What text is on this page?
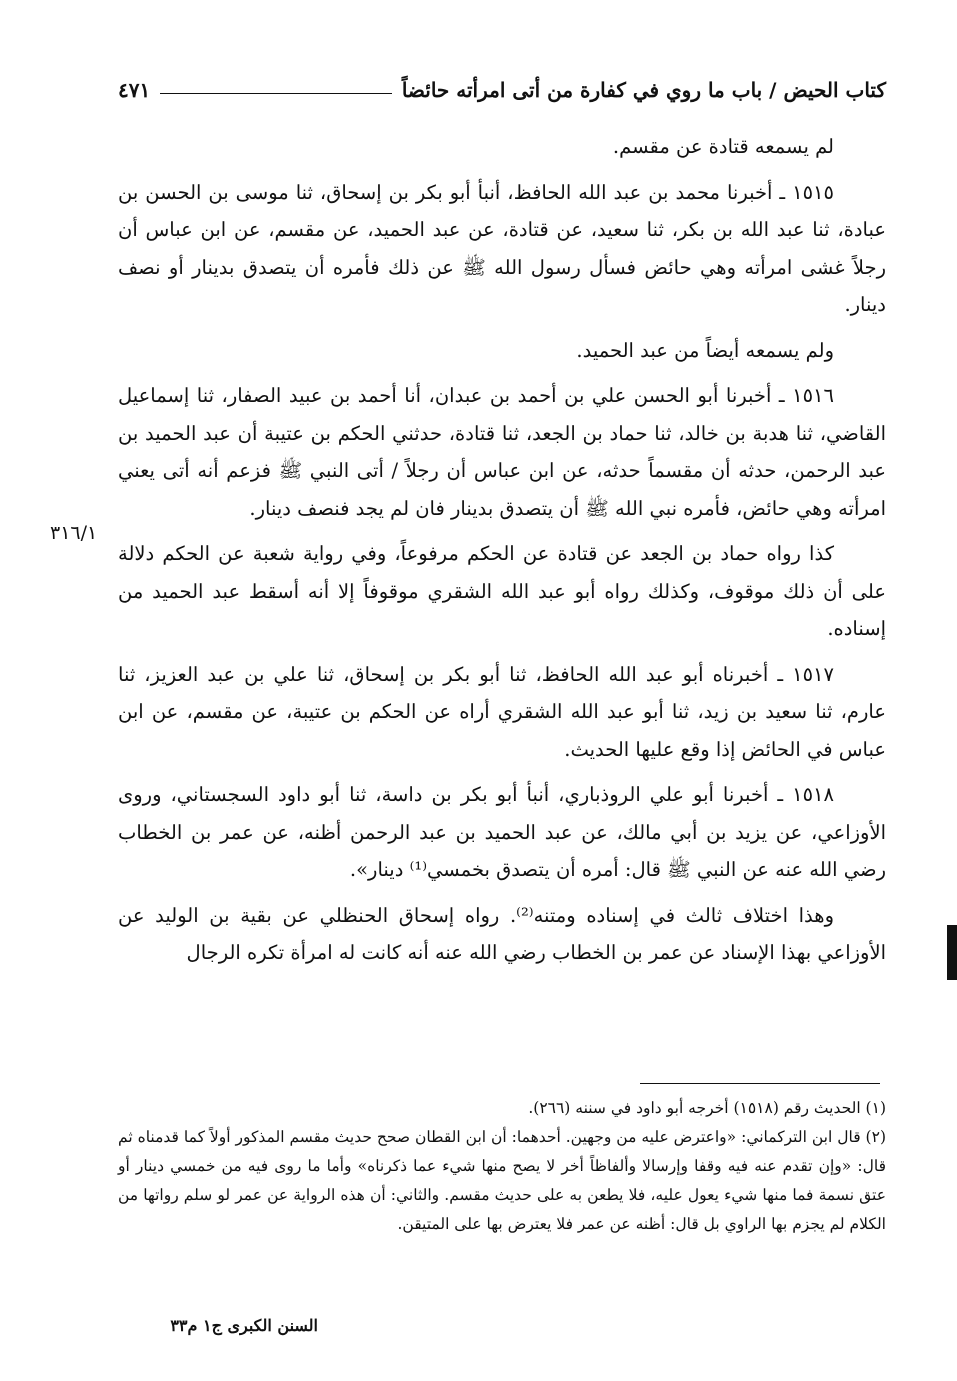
كتاب الحيض / باب ما روي في كفارة من أتى امرأته حائضاً
٤٧١
٣١٦/١

لم يسمعه قتادة عن مقسم.

١٥١٥ ـ أخبرنا محمد بن عبد الله الحافظ، أنبأ أبو بكر بن إسحاق، ثنا موسى بن الحسن بن عبادة، ثنا عبد الله بن بكر، ثنا سعيد، عن قتادة، عن عبد الحميد، عن مقسم، عن ابن عباس أن رجلاً غشى امرأته وهي حائض فسأل رسول الله ﷺ عن ذلك فأمره أن يتصدق بدينار أو نصف دينار.

ولم يسمعه أيضاً من عبد الحميد.

١٥١٦ ـ أخبرنا أبو الحسن علي بن أحمد بن عبدان، أنا أحمد بن عبيد الصفار، ثنا إسماعيل القاضي، ثنا هدبة بن خالد، ثنا حماد بن الجعد، ثنا قتادة، حدثني الحكم بن عتيبة أن عبد الحميد بن عبد الرحمن، حدثه أن مقسماً حدثه، عن ابن عباس أن رجلاً / أتى النبي ﷺ فزعم أنه أتى يعني امرأته وهي حائض، فأمره نبي الله ﷺ أن يتصدق بدينار فان لم يجد فنصف دينار.

كذا رواه حماد بن الجعد عن قتادة عن الحكم مرفوعاً، وفي رواية شعبة عن الحكم دلالة على أن ذلك موقوف، وكذلك رواه أبو عبد الله الشقري موقوفاً إلا أنه أسقط عبد الحميد من إسناده.

١٥١٧ ـ أخبرناه أبو عبد الله الحافظ، ثنا أبو بكر بن إسحاق، ثنا علي بن عبد العزيز، ثنا عارم، ثنا سعيد بن زيد، ثنا أبو عبد الله الشقري أراه عن الحكم بن عتيبة، عن مقسم، عن ابن عباس في الحائض إذا وقع عليها الحديث.

١٥١٨ ـ أخبرنا أبو علي الروذباري، أنبأ أبو بكر بن داسة، ثنا أبو داود السجستاني، وروى الأوزاعي، عن يزيد بن أبي مالك، عن عبد الحميد بن عبد الرحمن أظنه، عن عمر بن الخطاب رضي الله عنه عن النبي ﷺ قال: أمره أن يتصدق بخمسي⁽¹⁾ دينار».

وهذا اختلاف ثالث في إسناده ومتنه⁽²⁾. رواه إسحاق الحنظلي عن بقية بن الوليد عن الأوزاعي بهذا الإسناد عن عمر بن الخطاب رضي الله عنه أنه كانت له امرأة تكره الرجال

(١) الحديث رقم (١٥١٨) أخرجه أبو داود في سننه (٢٦٦).

(٢) قال ابن التركماني: «واعترض عليه من وجهين. أحدهما: أن ابن القطان صحح حديث مقسم المذكور أولاً كما قدمناه ثم قال: «وإن تقدم عنه فيه وقفا وإرسالا وألفاظاً أخر لا يصح منها شيء عما ذكرناه» وأما ما روى فيه من خمسي دينار أو عتق نسمة فما منها شيء يعول عليه، فلا يطعن به على حديث مقسم. والثاني: أن هذه الرواية عن عمر لو سلم رواتها من الكلام لم يجزم بها الراوي بل قال: أظنه عن عمر فلا يعترض بها على المتيقن.

السنن الكبرى ج١ م٣٣
